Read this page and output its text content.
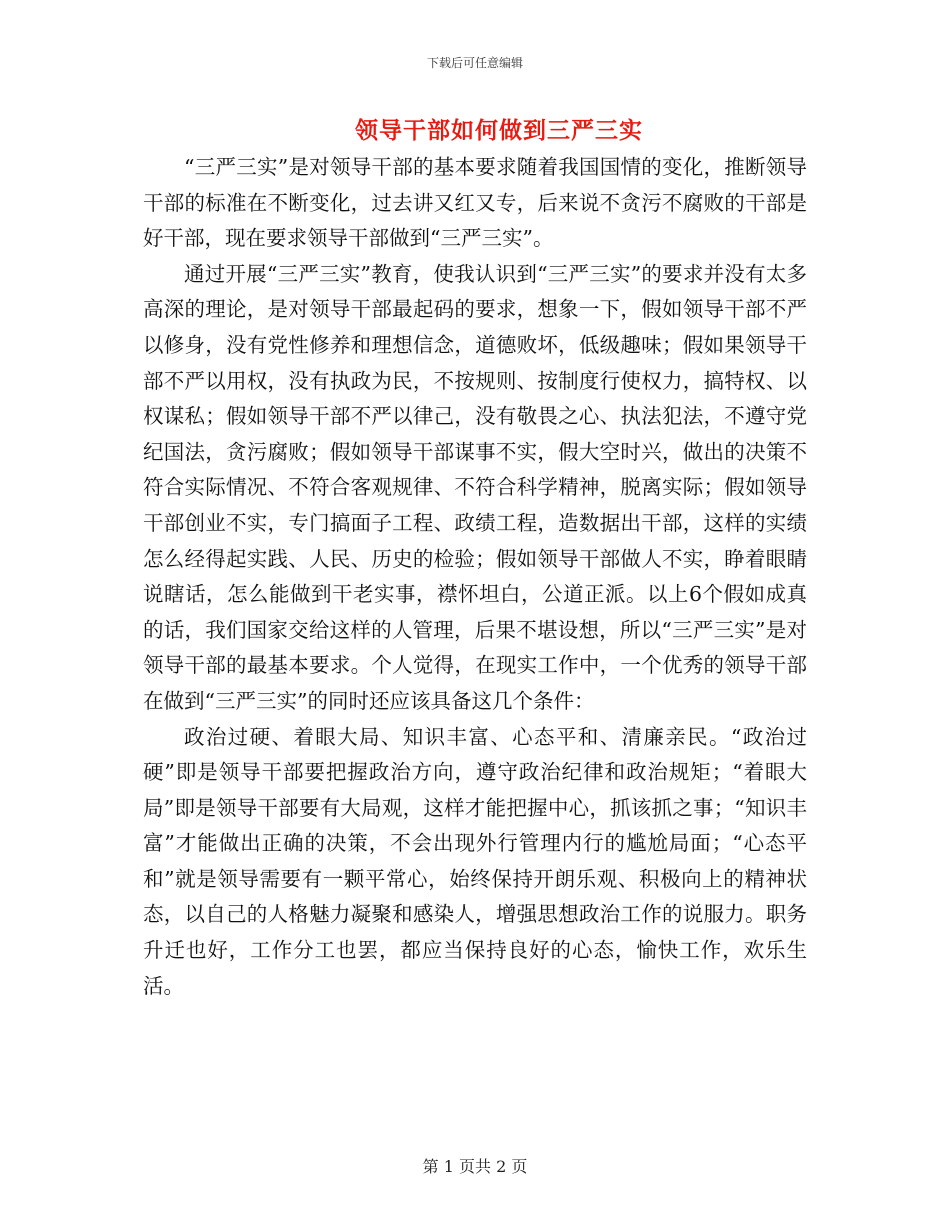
下载后可任意编辑
领导干部如何做到三严三实

“三严三实”是对领导干部的基本要求随着我国国情的变化，推断领导干部的标准在不断变化，过去讲又红又专，后来说不贪污不腐败的干部是好干部，现在要求领导干部做到“三严三实”。

通过开展“三严三实”教育，使我认识到“三严三实”的要求并没有太多高深的理论，是对领导干部最起码的要求，想象一下，假如领导干部不严以修身，没有党性修养和理想信念，道德败坏，低级趣味；假如果领导干部不严以用权，没有执政为民，不按规则、按制度行使权力，搞特权、以权谋私；假如领导干部不严以律己，没有敬畏之心、执法犯法，不遵守党纪国法，贪污腐败；假如领导干部谋事不实，假大空时兴，做出的决策不符合实际情况、不符合客观规律、不符合科学精神，脱离实际；假如领导干部创业不实，专门搞面子工程、政绩工程，造数据出干部，这样的实绩怎么经得起实践、人民、历史的检验；假如领导干部做人不实，睁着眼睛说瞎话，怎么能做到干老实事，襟怀坦白，公道正派。以上6个假如成真的话，我们国家交给这样的人管理，后果不堪设想，所以“三严三实”是对领导干部的最基本要求。个人觉得，在现实工作中，一个优秀的领导干部在做到“三严三实”的同时还应该具备这几个条件：

政治过硬、着眼大局、知识丰富、心态平和、清廉亲民。“政治过硬”即是领导干部要把握政治方向，遵守政治纪律和政治规矩；“着眼大局”即是领导干部要有大局观，这样才能把握中心，抓该抓之事；“知识丰富”才能做出正确的决策，不会出现外行管理内行的尴尬局面；“心态平和”就是领导需要有一颗平常心，始终保持开朗乐观、积极向上的精神状态，以自己的人格魅力凝聚和感染人，增强思想政治工作的说服力。职务升迁也好，工作分工也罢，都应当保持良好的心态，愉快工作，欢乐生活。

第 1 页共 2 页
